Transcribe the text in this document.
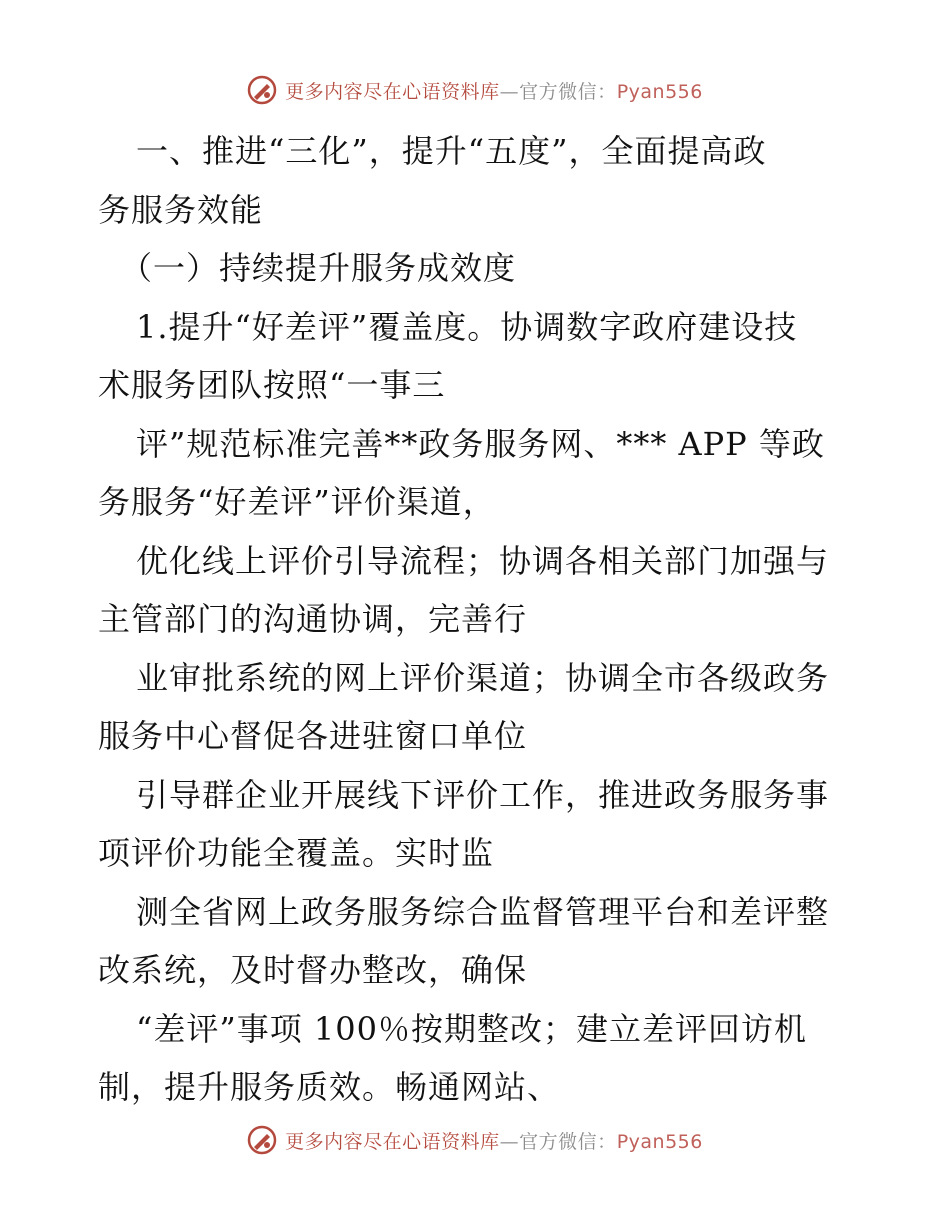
更多内容尽在心语资料库—官方微信：Pyan556
一、推进“三化”，提升“五度”，全面提高政
务服务效能
（一）持续提升服务成效度
1.提升“好差评”覆盖度。协调数字政府建设技
术服务团队按照“一事三
评”规范标准完善**政务服务网、*** APP 等政
务服务“好差评”评价渠道，
优化线上评价引导流程；协调各相关部门加强与
主管部门的沟通协调，完善行
业审批系统的网上评价渠道；协调全市各级政务
服务中心督促各进驻窗口单位
引导群企业开展线下评价工作，推进政务服务事
项评价功能全覆盖。实时监
测全省网上政务服务综合监督管理平台和差评整
改系统，及时督办整改，确保
“差评”事项 100％按期整改；建立差评回访机
制，提升服务质效。畅通网站、
更多内容尽在心语资料库—官方微信：Pyan556
